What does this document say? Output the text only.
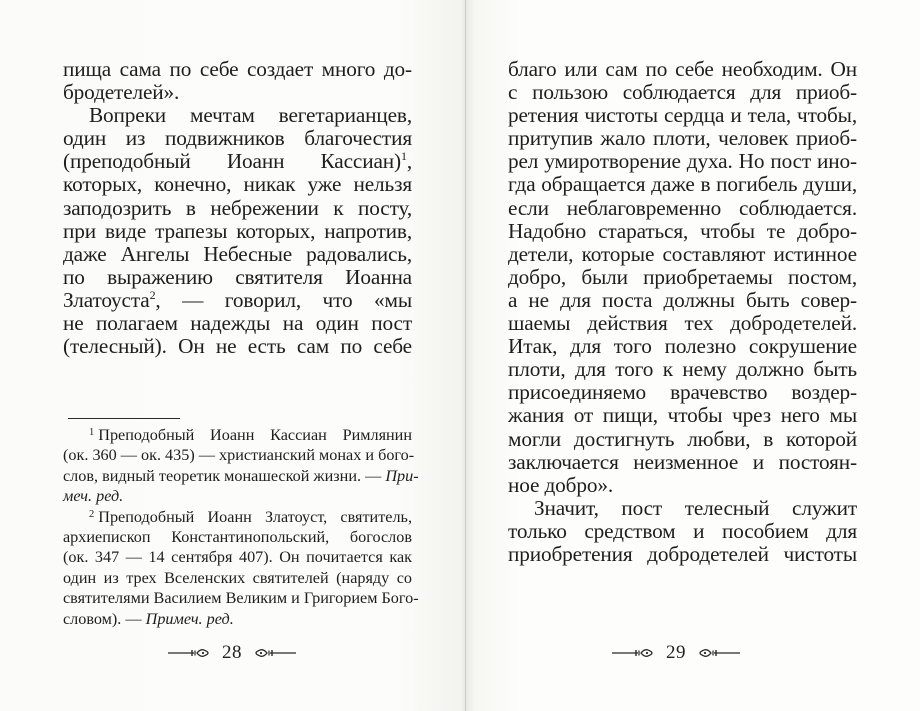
пища сама по себе создает много до-
бродетелей».
Вопреки мечтам вегетарианцев,
один из подвижников благочестия
(преподобный Иоанн Кассиан)$^1$,
которых, конечно, никак уже нельзя
заподозрить в небрежении к посту,
при виде трапезы которых, напротив,
даже Ангелы Небесные радовались,
по выражению святителя Иоанна
Златоуста$^2$, — говорил, что «мы
не полагаем надежды на один пост
(телесный). Он не есть сам по себе
$^1$ Преподобный Иоанн Кассиан Римлянин
(ок. 360 — ок. 435) — христианский монах и бого-
слов, видный теоретик монашеской жизни. — При-
меч. ред.
$^2$ Преподобный Иоанн Златоуст, святитель,
архиепископ Константинопольский, богослов
(ок. 347 — 14 сентября 407). Он почитается как
один из трех Вселенских святителей (наряду со
святителями Василием Великим и Григорием Бого-
словом). — Примеч. ред.
28
благо или сам по себе необходим. Он
с пользою соблюдается для приоб-
ретения чистоты сердца и тела, чтобы,
притупив жало плоти, человек приоб-
рел умиротворение духа. Но пост ино-
гда обращается даже в погибель души,
если неблаговременно соблюдается.
Надобно стараться, чтобы те добро-
детели, которые составляют истинное
добро, были приобретаемы постом,
а не для поста должны быть совер-
шаемы действия тех добродетелей.
Итак, для того полезно сокрушение
плоти, для того к нему должно быть
присоединяемо врачевство воздер-
жания от пищи, чтобы чрез него мы
могли достигнуть любви, в которой
заключается неизменное и постоян-
ное добро».
Значит, пост телесный служит
только средством и пособием для
приобретения добродетелей чистоты
29
